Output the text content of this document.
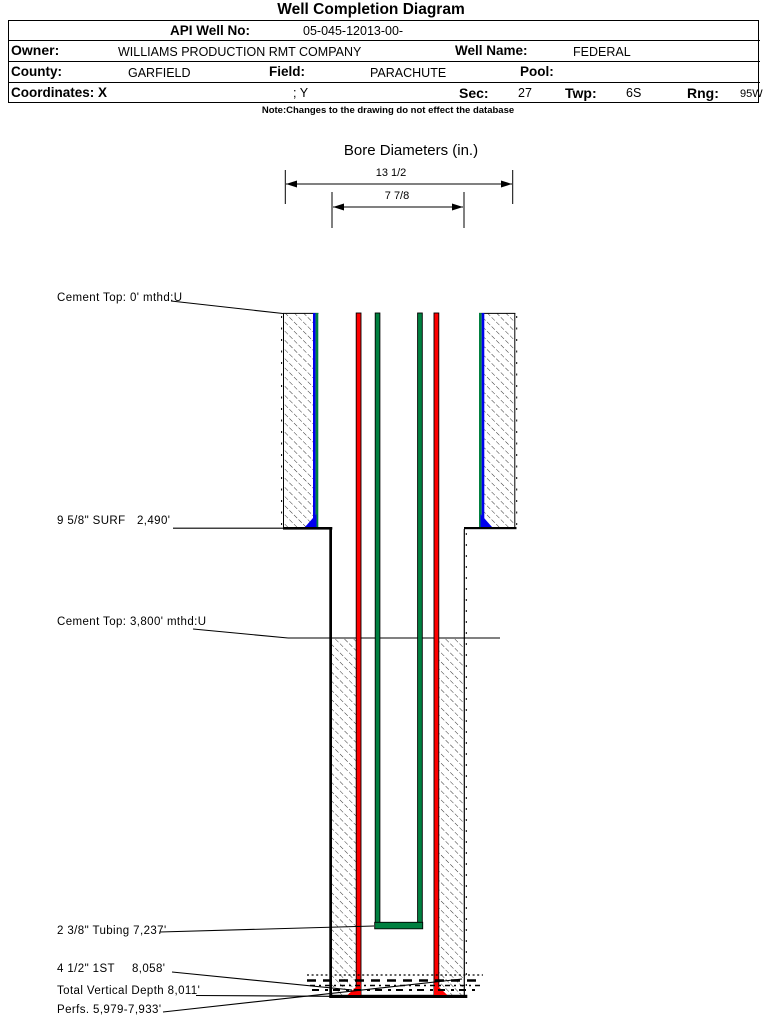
Well Completion Diagram
API Well No:	05-045-12013-00-
Owner:	WILLIAMS PRODUCTION RMT COMPANY	Well Name:	FEDERAL
County:	GARFIELD	Field:	PARACHUTE	Pool:
Coordinates: X	; Y	Sec: 27 Twp: 6S	Rng: 95W
Note:Changes to the drawing do not effect the database
Bore Diameters (in.)
13 1/2
7 7/8
Cement Top: 0' mthd:U
9 5/8" SURF 2,490'
Cement Top: 3,800' mthd:U
2 3/8" Tubing 7,237'
4 1/2" 1ST 8,058'
Total Vertical Depth 8,011'
Perfs. 5,979-7,933'
